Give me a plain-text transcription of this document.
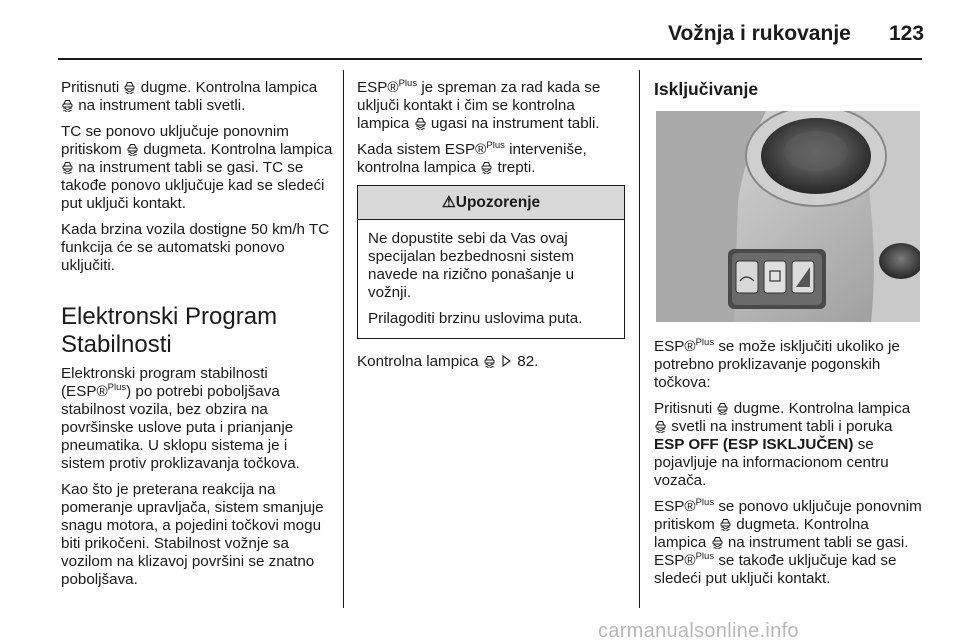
Vožnja i rukovanje 123

Pritisnuti dugme. Kontrolna lampica  na instrument tabli svetli.

TC se ponovo uključuje ponovnim pritiskom dugmeta. Kontrolna lampica  na instrument tabli se gasi. TC se takođe ponovo uključuje kad se sledeći put uključi kontakt.

Kada brzina vozila dostigne 50 km/h TC funkcija će se automatski ponovo uključiti.

Elektronski Program Stabilnosti

Elektronski program stabilnosti (ESP®$^{Plus}$) po potrebi poboljšava stabilnost vozila, bez obzira na površinske uslove puta i prianjanje pneumatika. U sklopu sistema je i sistem protiv proklizavanja točkova.

Kao što je preterana reakcija na pomeranje upravljača, sistem smanjuje snagu motora, a pojedini točkovi mogu biti prikočeni. Stabilnost vožnje sa vozilom na klizavoj površini se znatno poboljšava.

ESP®$^{Plus}$ je spreman za rad kada se uključi kontakt i čim se kontrolna lampica ugasi na instrument tabli.

Kada sistem ESP®$^{Plus}$ interveniše, kontrolna lampica trepti.

⚠Upozorenje

Ne dopustite sebi da Vas ovaj specijalan bezbednosni sistem navede na rizično ponašanje u vožnji.

Prilagoditi brzinu uslovima puta.

Kontrolna lampica	82.

Isključivanje

ESP®$^{Plus}$ se može isključiti ukoliko je potrebno proklizavanje pogonskih točkova:

Pritisnuti dugme. Kontrolna lampica  svetli na instrument tabli i poruka ESP OFF (ESP ISKLJUČEN) se pojavljuje na informacionom centru vozača.

ESP®$^{Plus}$ se ponovo uključuje ponovnim pritiskom dugmeta. Kontrolna lampica na instrument tabli se gasi. ESP®$^{Plus}$ se takođe uključuje kad se sledeći put uključi kontakt.

carmanualsonline.info
